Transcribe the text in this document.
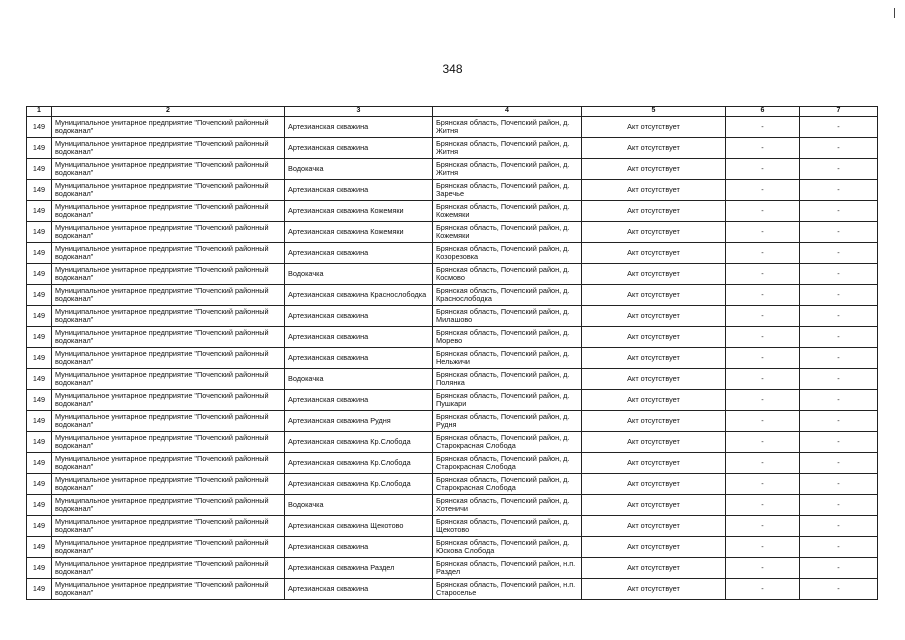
348
1	2	3	4	5	6	7
149	Муниципальное унитарное предприятие "Почепский районный водоканал"	Артезианская скважина	Брянская область, Почепский район, д. Житня	Акт отсутствует	-	-
149	Муниципальное унитарное предприятие "Почепский районный водоканал"	Артезианская скважина	Брянская область, Почепский район, д. Житня	Акт отсутствует	-	-
149	Муниципальное унитарное предприятие "Почепский районный водоканал"	Водокачка	Брянская область, Почепский район, д. Житня	Акт отсутствует	-	-
149	Муниципальное унитарное предприятие "Почепский районный водоканал"	Артезианская скважина	Брянская область, Почепский район, д. Заречье	Акт отсутствует	-	-
149	Муниципальное унитарное предприятие "Почепский районный водоканал"	Артезианская скважина Кожемяки	Брянская область, Почепский район, д. Кожемяки	Акт отсутствует	-	-
149	Муниципальное унитарное предприятие "Почепский районный водоканал"	Артезианская скважина Кожемяки	Брянская область, Почепский район, д. Кожемяки	Акт отсутствует	-	-
149	Муниципальное унитарное предприятие "Почепский районный водоканал"	Артезианская скважина	Брянская область, Почепский район, д. Козорезовка	Акт отсутствует	-	-
149	Муниципальное унитарное предприятие "Почепский районный водоканал"	Водокачка	Брянская область, Почепский район, д. Космово	Акт отсутствует	-	-
149	Муниципальное унитарное предприятие "Почепский районный водоканал"	Артезианская скважина Краснослободка	Брянская область, Почепский район, д. Краснослободка	Акт отсутствует	-	-
149	Муниципальное унитарное предприятие "Почепский районный водоканал"	Артезианская скважина	Брянская область, Почепский район, д. Милашово	Акт отсутствует	-	-
149	Муниципальное унитарное предприятие "Почепский районный водоканал"	Артезианская скважина	Брянская область, Почепский район, д. Морево	Акт отсутствует	-	-
149	Муниципальное унитарное предприятие "Почепский районный водоканал"	Артезианская скважина	Брянская область, Почепский район, д. Нельжичи	Акт отсутствует	-	-
149	Муниципальное унитарное предприятие "Почепский районный водоканал"	Водокачка	Брянская область, Почепский район, д. Полянка	Акт отсутствует	-	-
149	Муниципальное унитарное предприятие "Почепский районный водоканал"	Артезианская скважина	Брянская область, Почепский район, д. Пушкари	Акт отсутствует	-	-
149	Муниципальное унитарное предприятие "Почепский районный водоканал"	Артезианская скважина Рудня	Брянская область, Почепский район, д. Рудня	Акт отсутствует	-	-
149	Муниципальное унитарное предприятие "Почепский районный водоканал"	Артезианская скважина Кр.Слобода	Брянская область, Почепский район, д. Старокрасная Слобода	Акт отсутствует	-	-
149	Муниципальное унитарное предприятие "Почепский районный водоканал"	Артезианская скважина Кр.Слобода	Брянская область, Почепский район, д. Старокрасная Слобода	Акт отсутствует	-	-
149	Муниципальное унитарное предприятие "Почепский районный водоканал"	Артезианская скважина Кр.Слобода	Брянская область, Почепский район, д. Старокрасная Слобода	Акт отсутствует	-	-
149	Муниципальное унитарное предприятие "Почепский районный водоканал"	Водокачка	Брянская область, Почепский район, д. Хотеничи	Акт отсутствует	-	-
149	Муниципальное унитарное предприятие "Почепский районный водоканал"	Артезианская скважина Щекотово	Брянская область, Почепский район, д. Щекотово	Акт отсутствует	-	-
149	Муниципальное унитарное предприятие "Почепский районный водоканал"	Артезианская скважина	Брянская область, Почепский район, д. Юскова Слобода	Акт отсутствует	-	-
149	Муниципальное унитарное предприятие "Почепский районный водоканал"	Артезианская скважина Раздел	Брянская область, Почепский район, н.п. Раздел	Акт отсутствует	-	-
149	Муниципальное унитарное предприятие "Почепский районный водоканал"	Артезианская скважина	Брянская область, Почепский район, н.п. Староселье	Акт отсутствует	-	-
